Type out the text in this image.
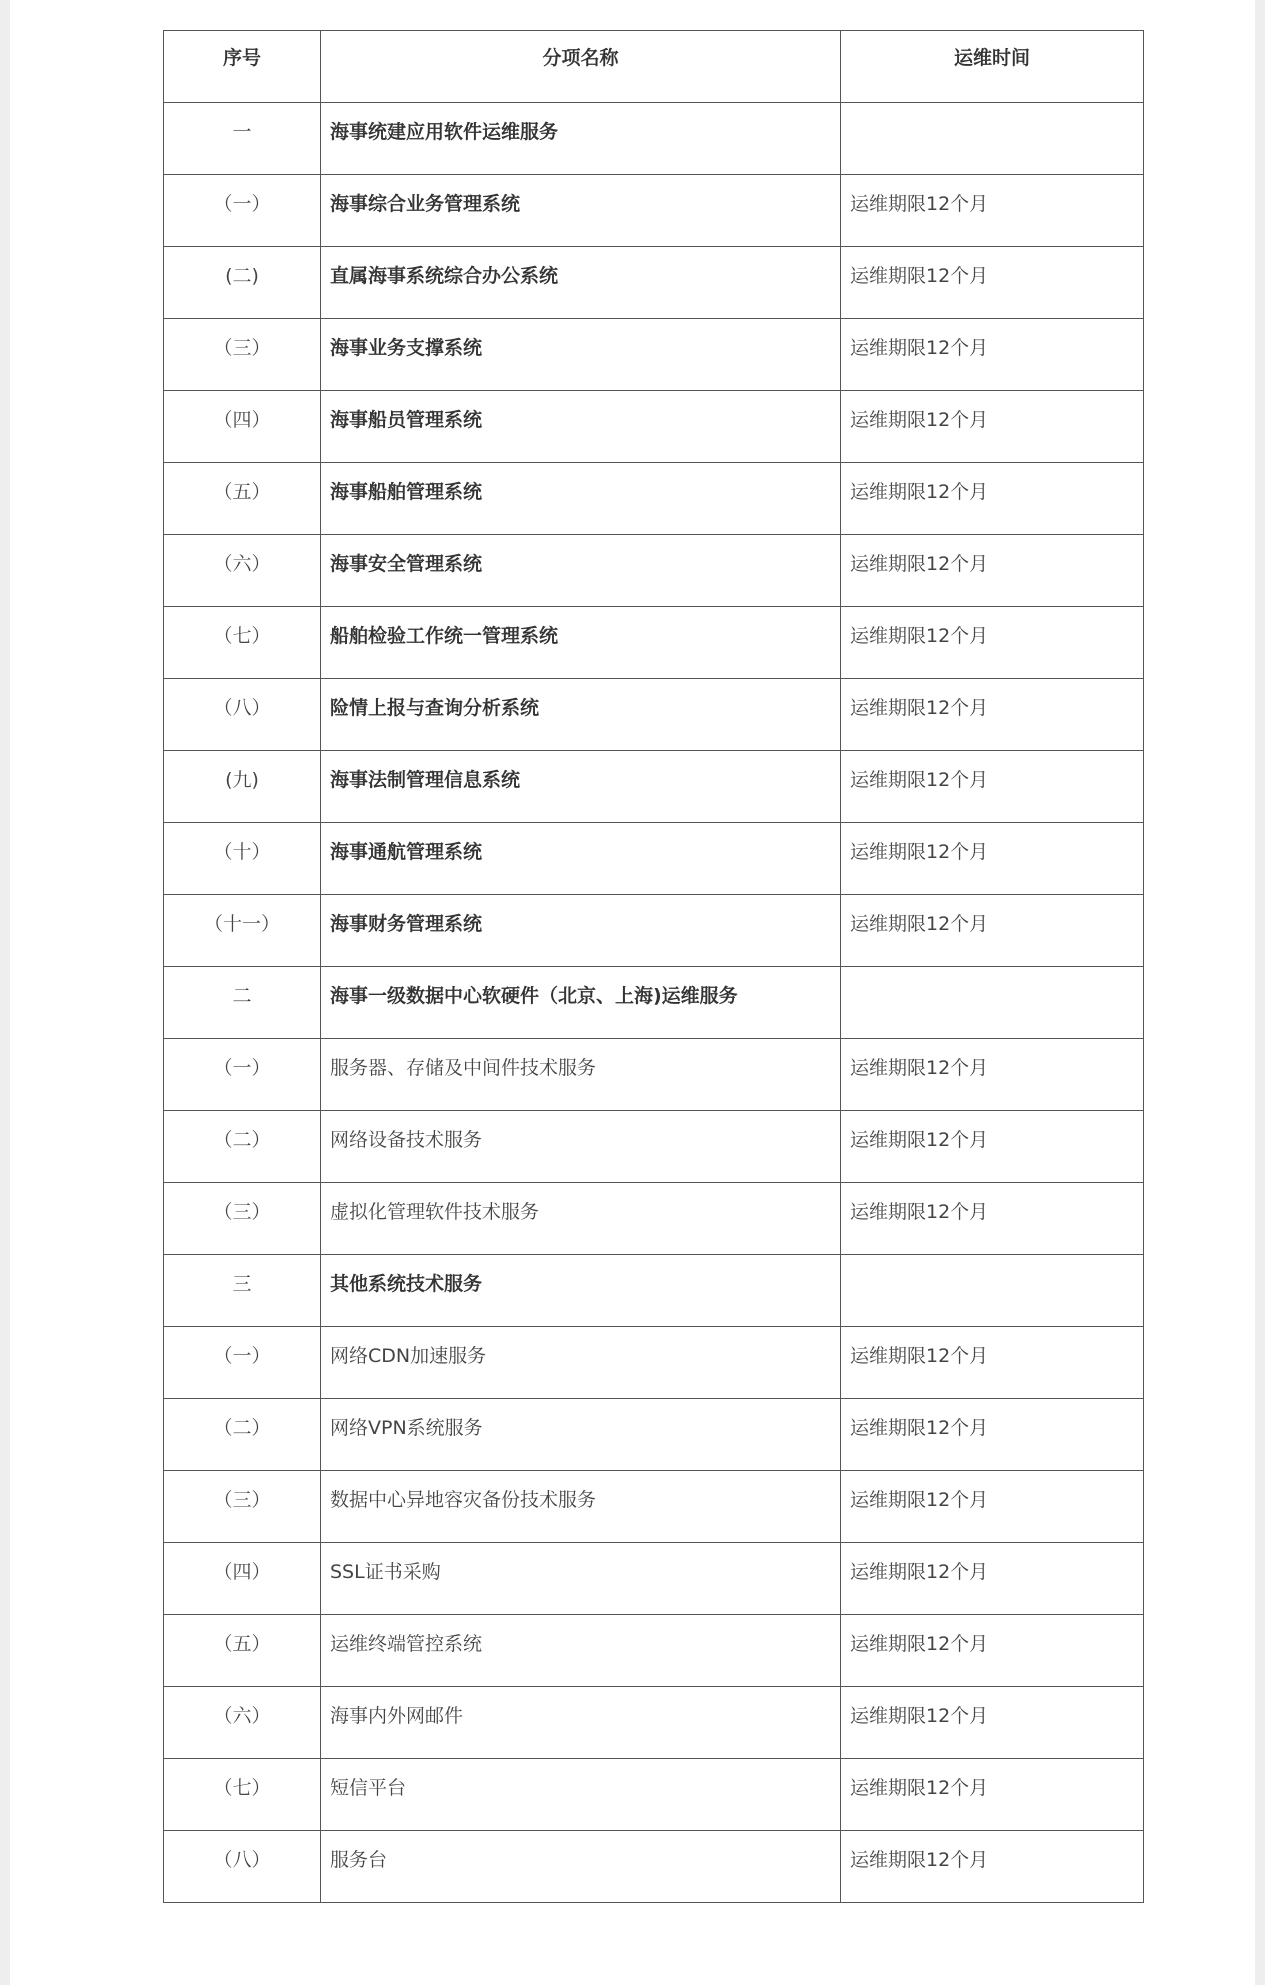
序号	分项名称	运维时间
一	海事统建应用软件运维服务	
（一）	海事综合业务管理系统	运维期限12个月
(二)	直属海事系统综合办公系统	运维期限12个月
（三）	海事业务支撑系统	运维期限12个月
（四）	海事船员管理系统	运维期限12个月
（五）	海事船舶管理系统	运维期限12个月
（六）	海事安全管理系统	运维期限12个月
（七）	船舶检验工作统一管理系统	运维期限12个月
（八）	险情上报与查询分析系统	运维期限12个月
(九)	海事法制管理信息系统	运维期限12个月
（十）	海事通航管理系统	运维期限12个月
（十一）	海事财务管理系统	运维期限12个月
二	海事一级数据中心软硬件（北京、上海)运维服务	
（一）	服务器、存储及中间件技术服务	运维期限12个月
（二）	网络设备技术服务	运维期限12个月
（三）	虚拟化管理软件技术服务	运维期限12个月
三	其他系统技术服务	
（一）	网络CDN加速服务	运维期限12个月
（二）	网络VPN系统服务	运维期限12个月
（三）	数据中心异地容灾备份技术服务	运维期限12个月
（四）	SSL证书采购	运维期限12个月
（五）	运维终端管控系统	运维期限12个月
（六）	海事内外网邮件	运维期限12个月
（七）	短信平台	运维期限12个月
（八）	服务台	运维期限12个月
